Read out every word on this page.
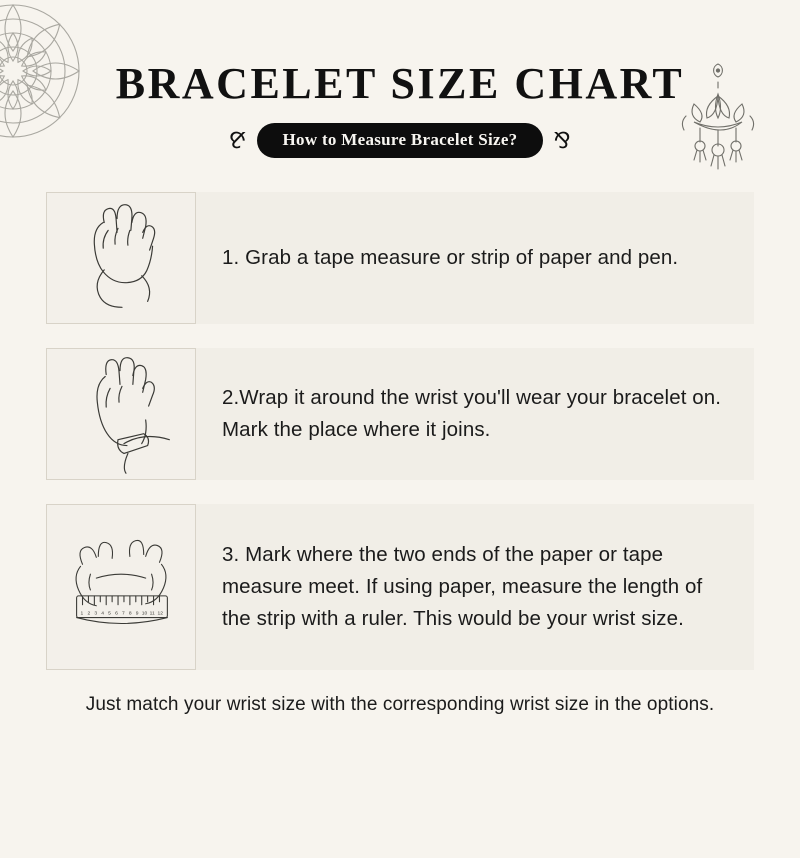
BRACELET SIZE CHART
⅋	How to Measure Bracelet Size?	⅋
1. Grab a tape measure or strip of paper and pen.
2.Wrap it around the wrist you'll wear your bracelet on. Mark the place where it joins.
1 2 3 4 5 6 7 8 9 10 11 12
3. Mark where the two ends of the paper or tape measure meet. If using paper, measure the length of the strip with a ruler. This would be your wrist size.
Just match your wrist size with the corresponding wrist size in the options.
